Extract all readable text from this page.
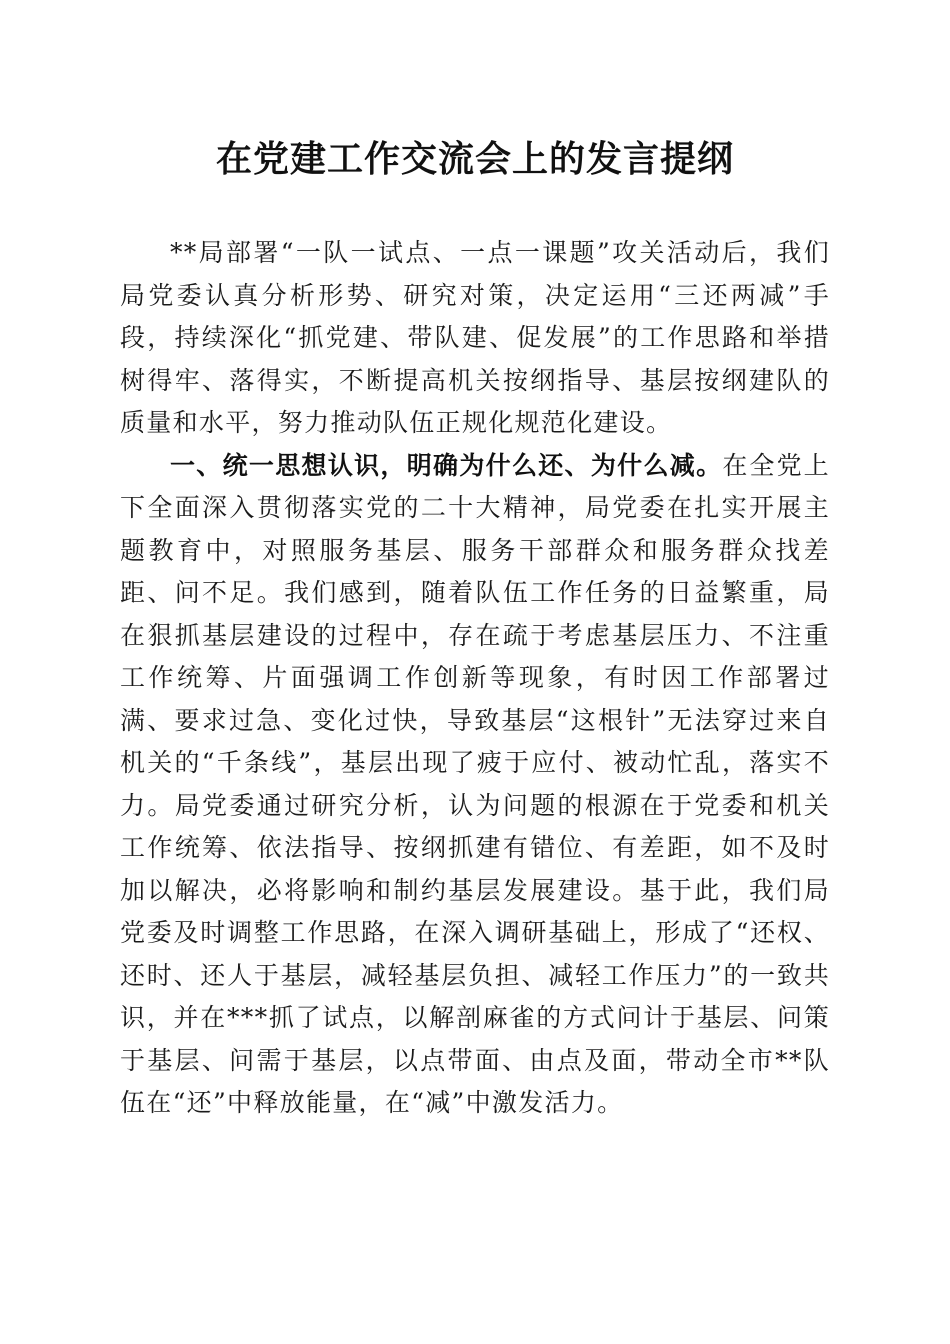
在党建工作交流会上的发言提纲

**局部署“一队一试点、一点一课题”攻关活动后，我们局党委认真分析形势、研究对策，决定运用“三还两减”手段，持续深化“抓党建、带队建、促发展”的工作思路和举措树得牢、落得实，不断提高机关按纲指导、基层按纲建队的质量和水平，努力推动队伍正规化规范化建设。

一、统一思想认识，明确为什么还、为什么减。在全党上下全面深入贯彻落实党的二十大精神，局党委在扎实开展主题教育中，对照服务基层、服务干部群众和服务群众找差距、问不足。我们感到，随着队伍工作任务的日益繁重，局在狠抓基层建设的过程中，存在疏于考虑基层压力、不注重工作统筹、片面强调工作创新等现象，有时因工作部署过满、要求过急、变化过快，导致基层“这根针”无法穿过来自机关的“千条线”，基层出现了疲于应付、被动忙乱，落实不力。局党委通过研究分析，认为问题的根源在于党委和机关工作统筹、依法指导、按纲抓建有错位、有差距，如不及时加以解决，必将影响和制约基层发展建设。基于此，我们局党委及时调整工作思路，在深入调研基础上，形成了“还权、还时、还人于基层，减轻基层负担、减轻工作压力”的一致共识，并在***抓了试点，以解剖麻雀的方式问计于基层、问策于基层、问需于基层，以点带面、由点及面，带动全市**队伍在“还”中释放能量，在“减”中激发活力。
